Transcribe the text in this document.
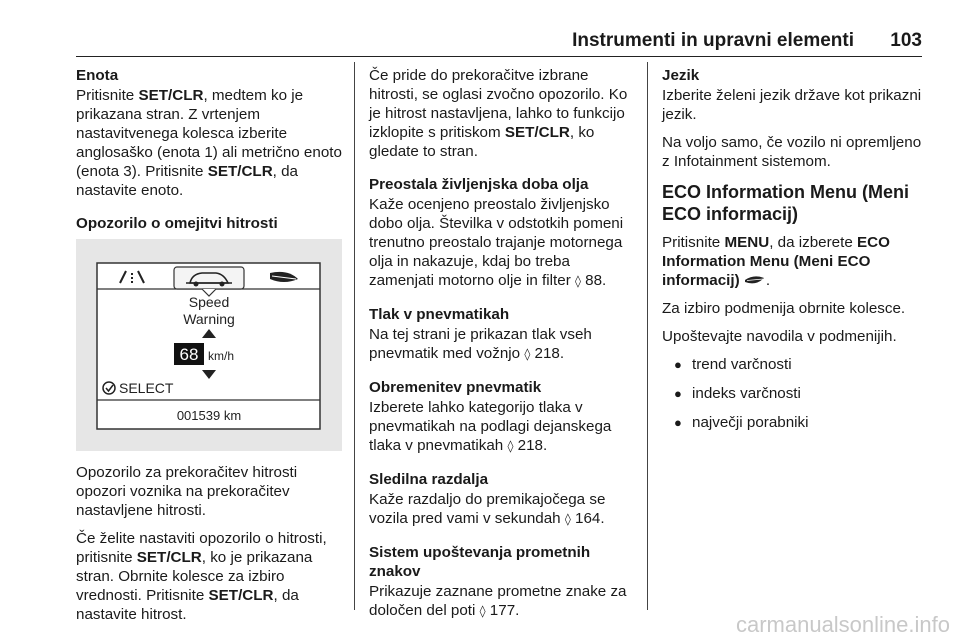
Instrumenti in upravni elementi 103

Enota

Pritisnite SET/CLR, medtem ko je prikazana stran. Z vrtenjem nastavitvenega kolesca izberite anglosaško (enota 1) ali metrično enoto (enota 3). Pritisnite SET/CLR, da nastavite enoto.

Opozorilo o omejitvi hitrosti

Speed
Warning
68 km/h
SELECT
001539 km

Opozorilo za prekoračitev hitrosti opozori voznika na prekoračitev nastavljene hitrosti.

Če želite nastaviti opozorilo o hitrosti, pritisnite SET/CLR, ko je prikazana stran. Obrnite kolesce za izbiro vrednosti. Pritisnite SET/CLR, da nastavite hitrost.

Če pride do prekoračitve izbrane hitrosti, se oglasi zvočno opozorilo. Ko je hitrost nastavljena, lahko to funkcijo izklopite s pritiskom SET/CLR, ko gledate to stran.

Preostala življenjska doba olja

Kaže ocenjeno preostalo življenjsko dobo olja. Številka v odstotkih pomeni trenutno preostalo trajanje motornega olja in nakazuje, kdaj bo treba zamenjati motorno olje in filter ◊ 88.

Tlak v pnevmatikah

Na tej strani je prikazan tlak vseh pnevmatik med vožnjo ◊ 218.

Obremenitev pnevmatik

Izberete lahko kategorijo tlaka v pnevmatikah na podlagi dejanskega tlaka v pnevmatikah ◊ 218.

Sledilna razdalja

Kaže razdaljo do premikajočega se vozila pred vami v sekundah ◊ 164.

Sistem upoštevanja prometnih znakov

Prikazuje zaznane prometne znake za določen del poti ◊ 177.

Jezik

Izberite želeni jezik države kot prikazni jezik.

Na voljo samo, če vozilo ni opremljeno z Infotainment sistemom.

ECO Information Menu (Meni ECO informacij)

Pritisnite MENU, da izberete ECO Information Menu (Meni ECO informacij) .

Za izbiro podmenija obrnite kolesce.

Upoštevajte navodila v podmenijih.

● trend varčnosti
● indeks varčnosti
● največji porabniki
carmanualsonline.info
